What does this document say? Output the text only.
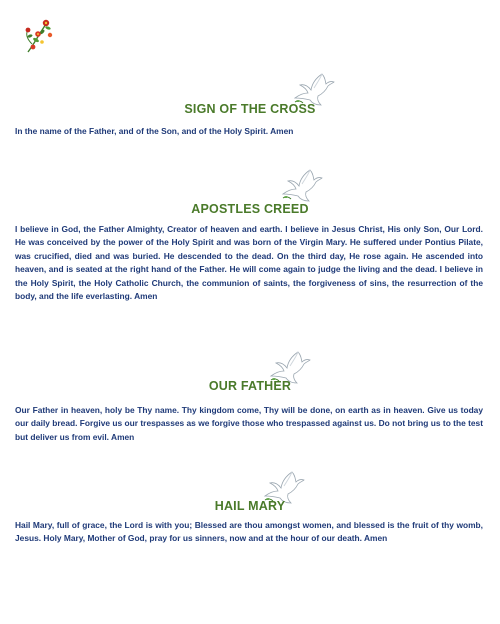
SIGN OF THE CROSS

In the name of the Father, and of the Son, and of the Holy Spirit. Amen

APOSTLES CREED

I believe in God, the Father Almighty, Creator of heaven and earth. I believe in Jesus Christ, His only Son, Our Lord. He was conceived by the power of the Holy Spirit and was born of the Virgin Mary. He suffered under Pontius Pilate, was crucified, died and was buried. He descended to the dead. On the third day, He rose again. He ascended into heaven, and is seated at the right hand of the Father. He will come again to judge the living and the dead. I believe in the Holy Spirit, the Holy Catholic Church, the communion of saints, the forgiveness of sins, the resurrection of the body, and the life everlasting. Amen

OUR FATHER

Our Father in heaven, holy be Thy name. Thy kingdom come, Thy will be done, on earth as in heaven. Give us today our daily bread. Forgive us our trespasses as we forgive those who trespassed against us. Do not bring us to the test but deliver us from evil. Amen

HAIL MARY

Hail Mary, full of grace, the Lord is with you; Blessed are thou amongst women, and blessed is the fruit of thy womb, Jesus. Holy Mary, Mother of God, pray for us sinners, now and at the hour of our death. Amen
